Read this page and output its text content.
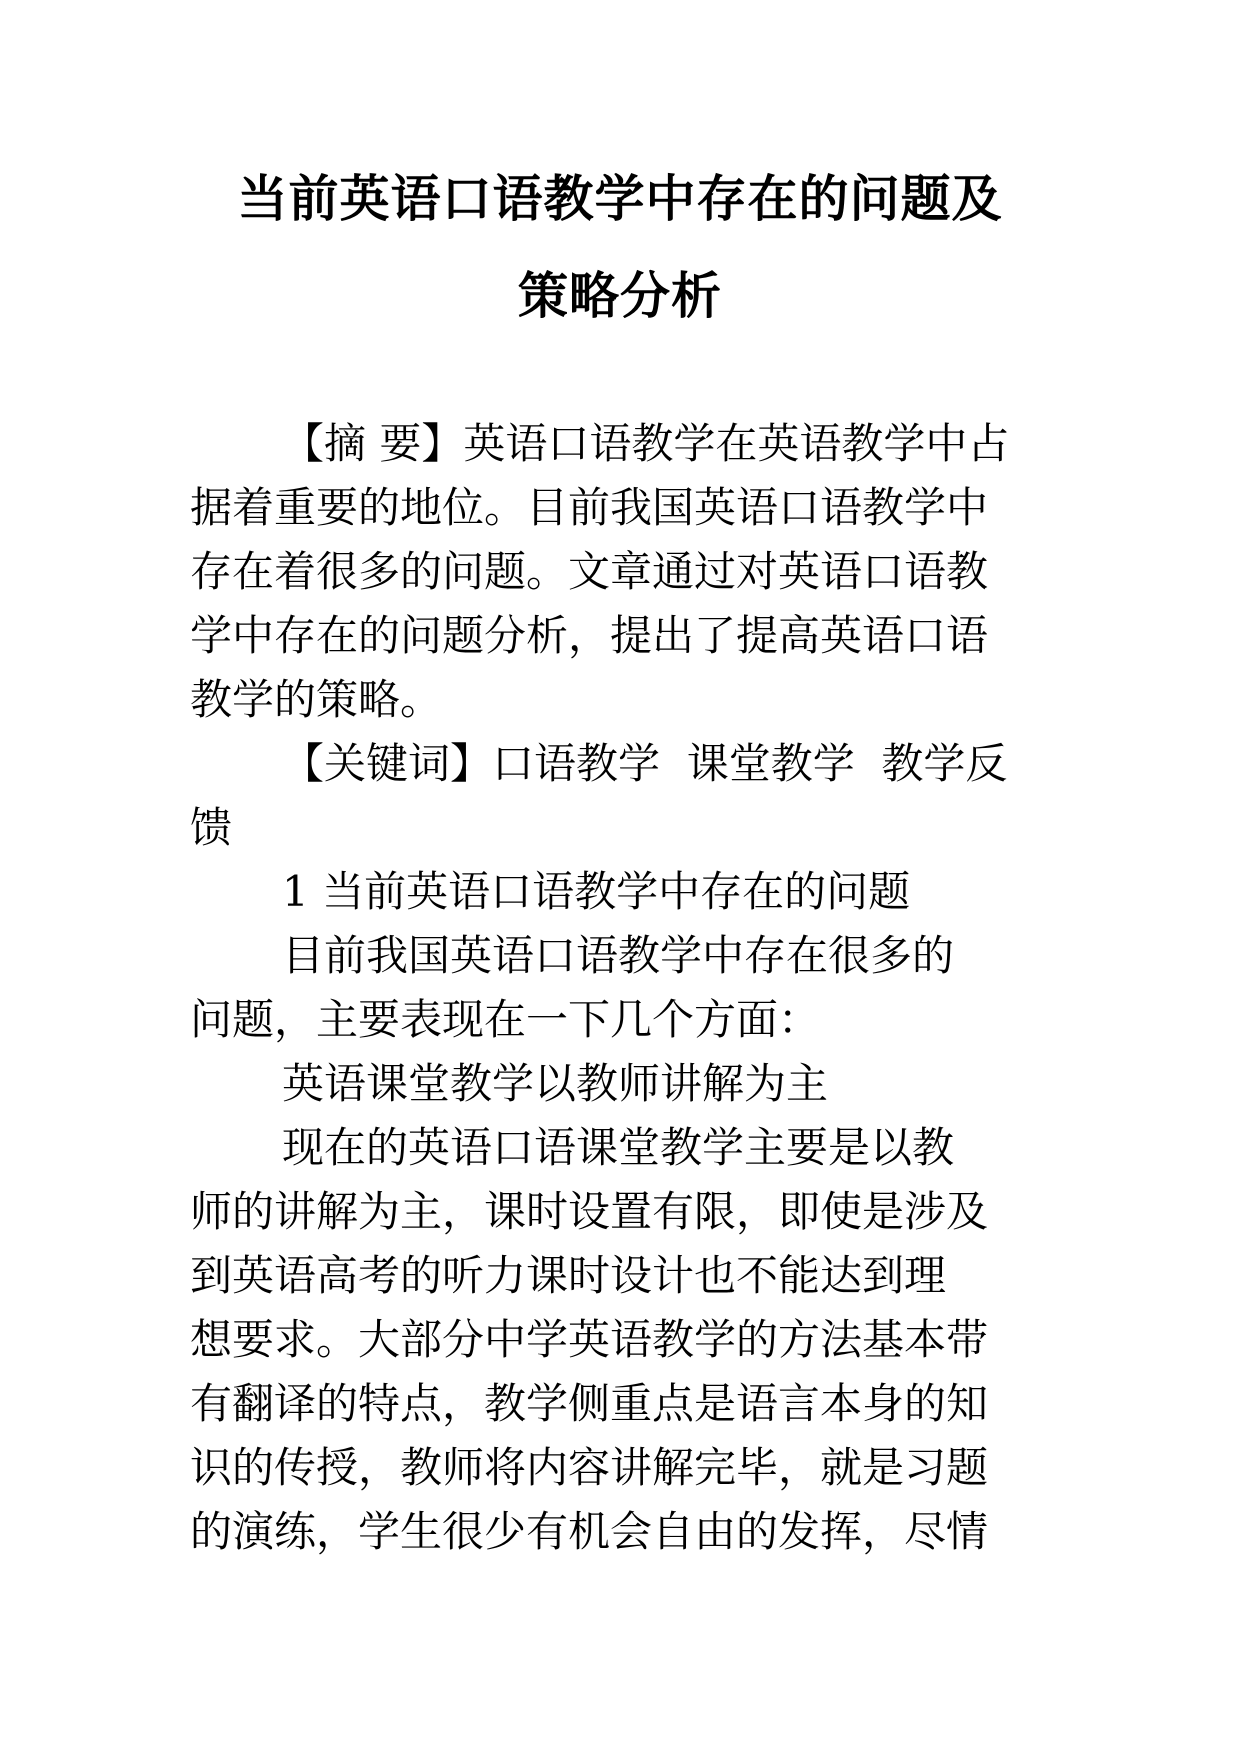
当前英语口语教学中存在的问题及
策略分析
【摘 要】英语口语教学在英语教学中占
据着重要的地位。目前我国英语口语教学中
存在着很多的问题。文章通过对英语口语教
学中存在的问题分析，提出了提高英语口语
教学的策略。
【关键词】口语教学  课堂教学  教学反
馈
1 当前英语口语教学中存在的问题
目前我国英语口语教学中存在很多的
问题，主要表现在一下几个方面：
英语课堂教学以教师讲解为主
现在的英语口语课堂教学主要是以教
师的讲解为主，课时设置有限，即使是涉及
到英语高考的听力课时设计也不能达到理
想要求。大部分中学英语教学的方法基本带
有翻译的特点，教学侧重点是语言本身的知
识的传授，教师将内容讲解完毕，就是习题
的演练，学生很少有机会自由的发挥，尽情
